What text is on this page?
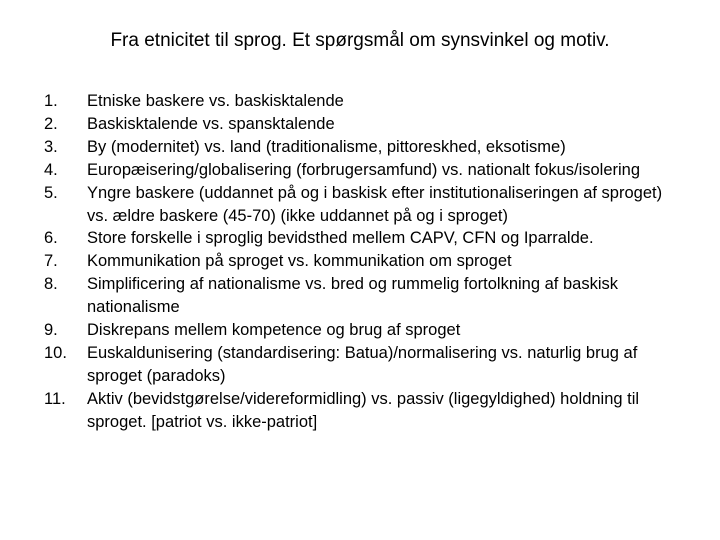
Fra etnicitet til sprog. Et spørgsmål om synsvinkel og motiv.
1.	Etniske baskere vs. baskisktalende
2.	Baskisktalende vs. spansktalende
3.	By (modernitet) vs. land (traditionalisme, pittoreskhed, eksotisme)
4.	Europæisering/globalisering (forbrugersamfund) vs. nationalt fokus/isolering
5.	Yngre baskere (uddannet på og i baskisk efter institutionaliseringen af sproget) vs. ældre baskere (45-70) (ikke uddannet på og i sproget)
6.	Store forskelle i sproglig bevidsthed mellem CAPV, CFN og Iparralde.
7.	Kommunikation på sproget vs. kommunikation om sproget
8.	Simplificering af nationalisme vs. bred og rummelig fortolkning af baskisk nationalisme
9.	Diskrepans mellem kompetence og brug af sproget
10.	Euskaldunisering (standardisering: Batua)/normalisering vs. naturlig brug af sproget (paradoks)
11.	Aktiv (bevidstgørelse/videreformidling) vs. passiv (ligegyldighed) holdning til sproget. [patriot vs. ikke-patriot]
